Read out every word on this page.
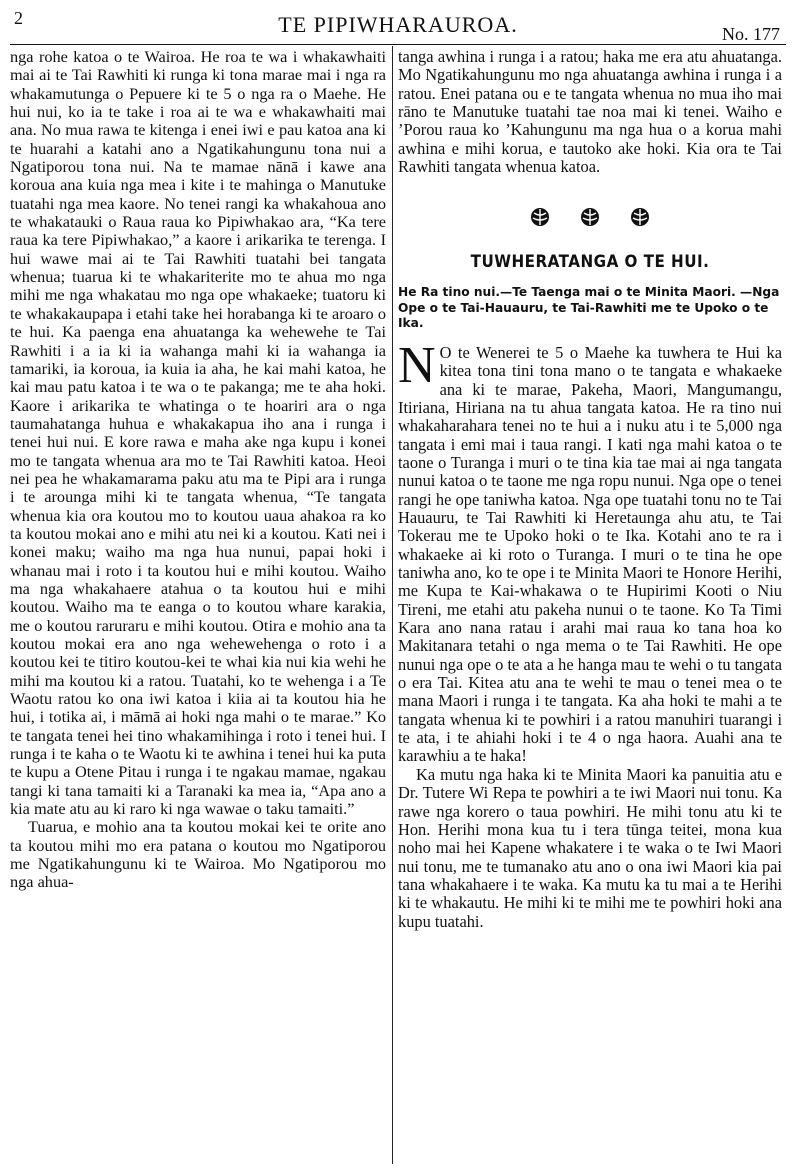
2	TE PIPIWHARAUROA.	No. 177

nga rohe katoa o te Wairoa. He roa te wa i whakawhaiti mai ai te Tai Rawhiti ki runga ki tona marae mai i nga ra whakamutunga o Pepuere ki te 5 o nga ra o Maehe. He hui nui, ko ia te take i roa ai te wa e whakawhaiti mai ana. No mua rawa te kitenga i enei iwi e pau katoa ana ki te huarahi a katahi ano a Ngatikahungunu tona nui a Ngatiporou tona nui. Na te mamae nānā i kawe ana koroua ana kuia nga mea i kite i te mahinga o Manutuke tuatahi nga mea kaore. No tenei rangi ka whakahoua ano te whakatauki o Raua raua ko Pipiwhakao ara, “Ka tere raua ka tere Pipiwhakao,” a kaore i arikarika te terenga. I hui wawe mai ai te Tai Rawhiti tuatahi bei tangata whenua; tuarua ki te whakariterite mo te ahua mo nga mihi me nga whakatau mo nga ope whakaeke; tuatoru ki te whakakaupapa i etahi take hei horabanga ki te aroaro o te hui. Ka paenga ena ahuatanga ka wehewehe te Tai Rawhiti i a ia ki ia wahanga mahi ki ia wahanga ia tamariki, ia koroua, ia kuia ia aha, he kai mahi katoa, he kai mau patu katoa i te wa o te pakanga; me te aha hoki. Kaore i arikarika te whatinga o te hoariri ara o nga taumahatanga huhua e whakakapua iho ana i runga i tenei hui nui. E kore rawa e maha ake nga kupu i konei mo te tangata whenua ara mo te Tai Rawhiti katoa. Heoi nei pea he whakamarama paku atu ma te Pipi ara i runga i te arounga mihi ki te tangata whenua, “Te tangata whenua kia ora koutou mo to koutou uaua ahakoa ra ko ta koutou mokai ano e mihi atu nei ki a koutou. Kati nei i konei maku; waiho ma nga hua nunui, papai hoki i whanau mai i roto i ta koutou hui e mihi koutou. Waiho ma nga whakahaere atahua o ta koutou hui e mihi koutou. Waiho ma te eanga o to koutou whare karakia, me o koutou raruraru e mihi koutou. Otira e mohio ana ta koutou mokai era ano nga wehewehenga o roto i a koutou kei te titiro koutou-kei te whai kia nui kia wehi he mihi ma koutou ki a ratou. Tuatahi, ko te wehenga i a Te Waotu ratou ko ona iwi katoa i kiia ai ta koutou hia he hui, i totika ai, i māmā ai hoki nga mahi o te marae.” Ko te tangata tenei hei tino whakamihinga i roto i tenei hui. I runga i te kaha o te Waotu ki te awhina i tenei hui ka puta te kupu a Otene Pitau i runga i te ngakau mamae, ngakau tangi ki tana tamaiti ki a Taranaki ka mea ia, “Apa ano a kia mate atu au ki raro ki nga wawae o taku tamaiti.”

Tuarua, e mohio ana ta koutou mokai kei te orite ano ta koutou mihi mo era patana o koutou mo Ngatiporou me Ngatikahungunu ki te Wairoa. Mo Ngatiporou mo nga ahua-

tanga awhina i runga i a ratou; haka me era atu ahuatanga. Mo Ngatikahungunu mo nga ahuatanga awhina i runga i a ratou. Enei patana ou e te tangata whenua no mua iho mai rāno te Manutuke tuatahi tae noa mai ki tenei. Waiho e ’Porou raua ko ’Kahungunu ma nga hua o a korua mahi awhina e mihi korua, e tautoko ake hoki. Kia ora te Tai Rawhiti tangata whenua katoa.

TUWHERATANGA O TE HUI.
He Ra tino nui.—Te Taenga mai o te Minita Maori. —Nga Ope o te Tai-Hauauru, te Tai-Rawhiti me te Upoko o te Ika.

N O te Wenerei te 5 o Maehe ka tuwhera te Hui ka kitea tona tini tona mano o te tangata e whakaeke ana ki te marae, Pakeha, Maori, Mangumangu, Itiriana, Hiriana na tu ahua tangata katoa. He ra tino nui whakaharahara tenei no te hui a i nuku atu i te 5,000 nga tangata i emi mai i taua rangi. I kati nga mahi katoa o te taone o Turanga i muri o te tina kia tae mai ai nga tangata nunui katoa o te taone me nga ropu nunui. Nga ope o tenei rangi he ope taniwha katoa. Nga ope tuatahi tonu no te Tai Hauauru, te Tai Rawhiti ki Heretaunga ahu atu, te Tai Tokerau me te Upoko hoki o te Ika. Kotahi ano te ra i whakaeke ai ki roto o Turanga. I muri o te tina he ope taniwha ano, ko te ope i te Minita Maori te Honore Herihi, me Kupa te Kai-whakawa o te Hupirimi Kooti o Niu Tireni, me etahi atu pakeha nunui o te taone. Ko Ta Timi Kara ano nana ratau i arahi mai raua ko tana hoa ko Makitanara tetahi o nga mema o te Tai Rawhiti. He ope nunui nga ope o te ata a he hanga mau te wehi o tu tangata o era Tai. Kitea atu ana te wehi te mau o tenei mea o te mana Maori i runga i te tangata. Ka aha hoki te mahi a te tangata whenua ki te powhiri i a ratou manuhiri tuarangi i te ata, i te ahiahi hoki i te 4 o nga haora. Auahi ana te karawhiu a te haka!

Ka mutu nga haka ki te Minita Maori ka panuitia atu e Dr. Tutere Wi Repa te powhiri a te iwi Maori nui tonu. Ka rawe nga korero o taua powhiri. He mihi tonu atu ki te Hon. Herihi mona kua tu i tera tūnga teitei, mona kua noho mai hei Kapene whakatere i te waka o te Iwi Maori nui tonu, me te tumanako atu ano o ona iwi Maori kia pai tana whakahaere i te waka. Ka mutu ka tu mai a te Herihi ki te whakautu. He mihi ki te mihi me te powhiri hoki ana kupu tuatahi.
